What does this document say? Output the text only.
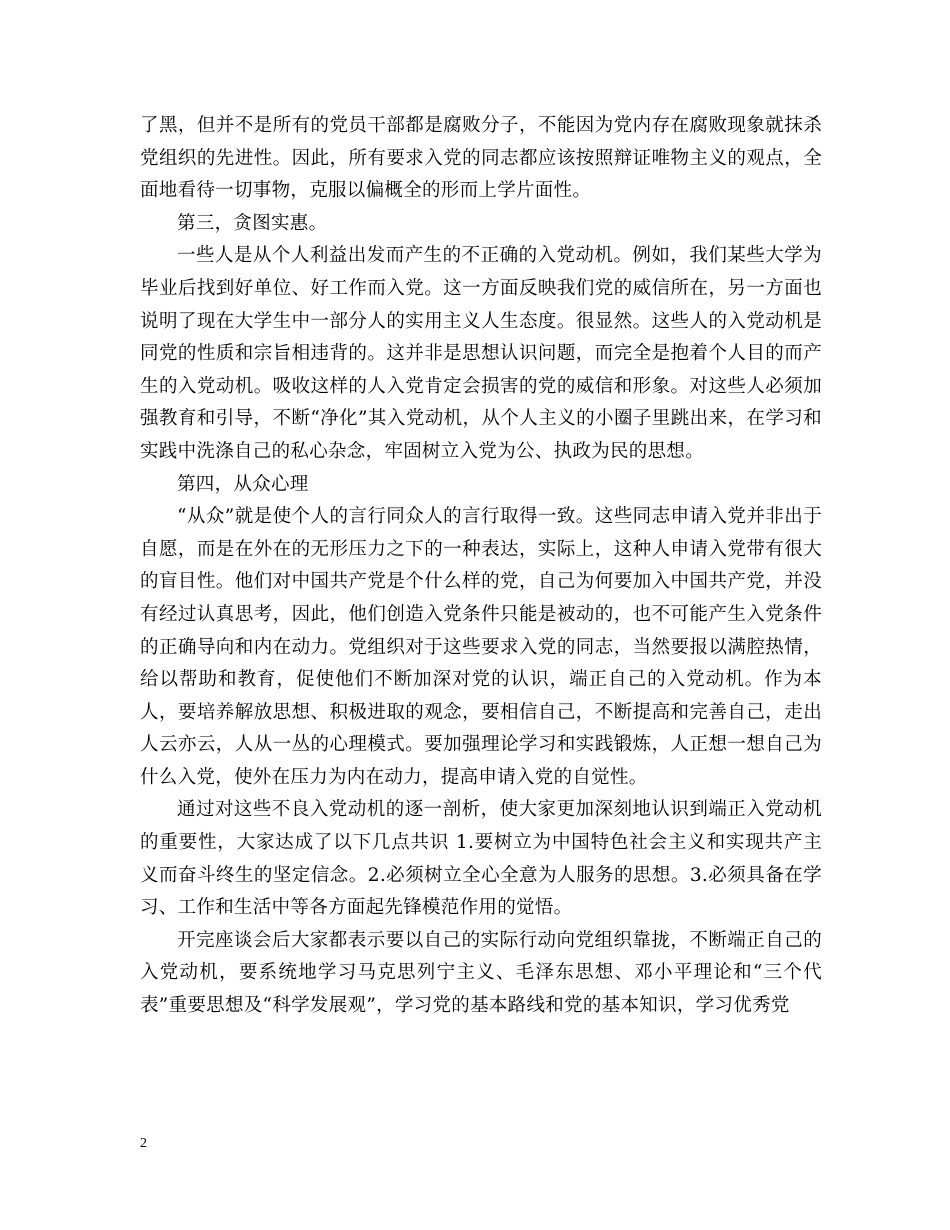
了黑，但并不是所有的党员干部都是腐败分子，不能因为党内存在腐败现象就抹杀党组织的先进性。因此，所有要求入党的同志都应该按照辩证唯物主义的观点，全面地看待一切事物，克服以偏概全的形而上学片面性。

第三，贪图实惠。

一些人是从个人利益出发而产生的不正确的入党动机。例如，我们某些大学为毕业后找到好单位、好工作而入党。这一方面反映我们党的威信所在，另一方面也说明了现在大学生中一部分人的实用主义人生态度。很显然。这些人的入党动机是同党的性质和宗旨相违背的。这并非是思想认识问题，而完全是抱着个人目的而产生的入党动机。吸收这样的人入党肯定会损害的党的威信和形象。对这些人必须加强教育和引导，不断“净化”其入党动机，从个人主义的小圈子里跳出来，在学习和实践中洗涤自己的私心杂念，牢固树立入党为公、执政为民的思想。

第四，从众心理

“从众”就是使个人的言行同众人的言行取得一致。这些同志申请入党并非出于自愿，而是在外在的无形压力之下的一种表达，实际上，这种人申请入党带有很大的盲目性。他们对中国共产党是个什么样的党，自己为何要加入中国共产党，并没有经过认真思考，因此，他们创造入党条件只能是被动的，也不可能产生入党条件的正确导向和内在动力。党组织对于这些要求入党的同志，当然要报以满腔热情，给以帮助和教育，促使他们不断加深对党的认识，端正自己的入党动机。作为本人，要培养解放思想、积极进取的观念，要相信自己，不断提高和完善自己，走出人云亦云，人从一丛的心理模式。要加强理论学习和实践锻炼，人正想一想自己为什么入党，使外在压力为内在动力，提高申请入党的自觉性。

通过对这些不良入党动机的逐一剖析，使大家更加深刻地认识到端正入党动机的重要性，大家达成了以下几点共识 1.要树立为中国特色社会主义和实现共产主义而奋斗终生的坚定信念。2.必须树立全心全意为人服务的思想。3.必须具备在学习、工作和生活中等各方面起先锋模范作用的觉悟。

开完座谈会后大家都表示要以自己的实际行动向党组织靠拢，不断端正自己的入党动机，要系统地学习马克思列宁主义、毛泽东思想、邓小平理论和“三个代表”重要思想及“科学发展观”，学习党的基本路线和党的基本知识，学习优秀党

2
